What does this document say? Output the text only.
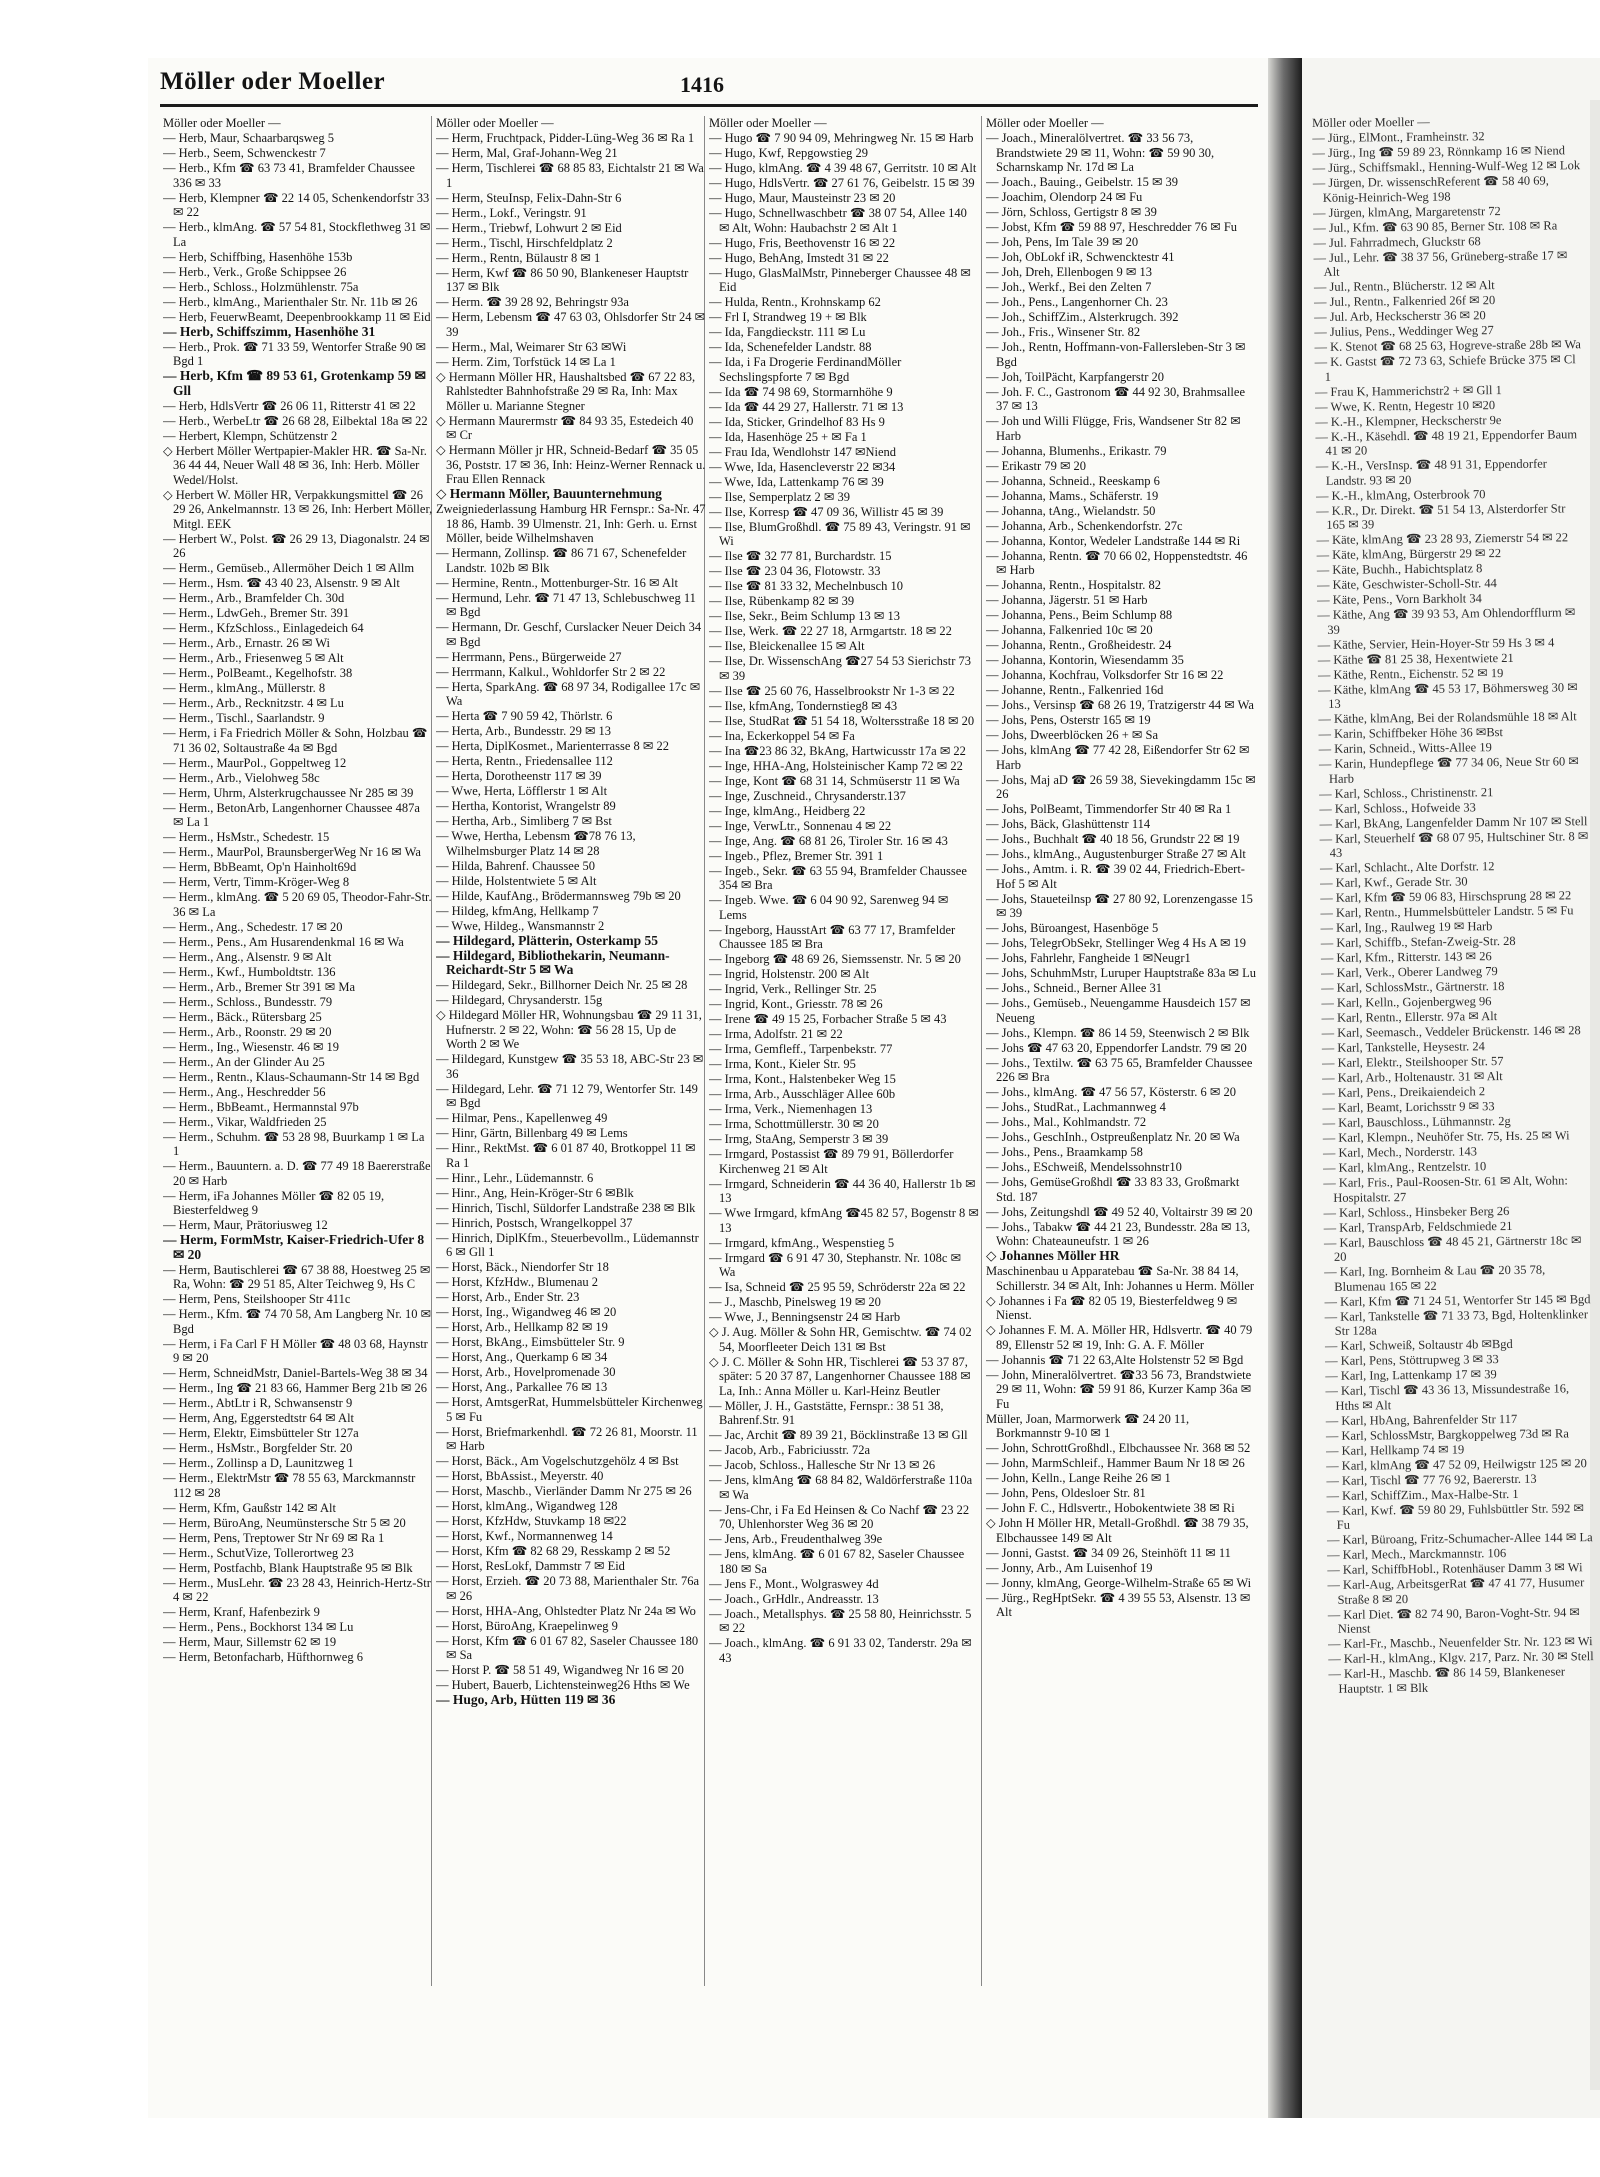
Möller oder Moeller	1416
Möller oder Moeller —
— Herb, Maur, Schaarbarqsweg 5
— Herb., Seem, Schwenckestr 7
— Herb., Kfm ☎ 63 73 41, Bramfelder Chaussee 336 ✉ 33
— Herb, Klempner ☎ 22 14 05, Schenkendorfstr 33 ✉ 22
— Herb., klmAng. ☎ 57 54 81, Stockflethweg 31 ✉ La
— Herb, Schiffbing, Hasenhöhe 153b
— Herb., Verk., Große Schippsee 26
— Herb., Schloss., Holzmühlenstr. 75a
— Herb., klmAng., Marienthaler Str. Nr. 11b ✉ 26
— Herb, FeuerwBeamt, Deepenbrookkamp 11 ✉ Eid
— Herb, Schiffszimm, Hasenhöhe 31
— Herb., Prok. ☎ 71 33 59, Wentorfer Straße 90 ✉ Bgd 1
— Herb, Kfm ☎ 89 53 61, Grotenkamp 59 ✉ Gll
— Herb, HdlsVertr ☎ 26 06 11, Ritterstr 41 ✉ 22
— Herb., WerbeLtr ☎ 26 68 28, Eilbektal 18a ✉ 22
— Herbert, Klempn, Schützenstr 2
◇ Herbert Möller Wertpapier-Makler HR. ☎ Sa-Nr. 36 44 44, Neuer Wall 48 ✉ 36, Inh: Herb. Möller Wedel/Holst.
◇ Herbert W. Möller HR, Verpakkungsmittel ☎ 26 29 26, Ankelmannstr. 13 ✉ 26, Inh: Herbert Möller, Mitgl. EEK
— Herbert W., Polst. ☎ 26 29 13, Diagonalstr. 24 ✉ 26
— Herm., Gemüseb., Allermöher Deich 1 ✉ Allm
— Herm., Hsm. ☎ 43 40 23, Alsenstr. 9 ✉ Alt
— Herm., Arb., Bramfelder Ch. 30d
— Herm., LdwGeh., Bremer Str. 391
— Herm., KfzSchloss., Einlagedeich 64
— Herm., Arb., Ernastr. 26 ✉ Wi
— Herm., Arb., Friesenweg 5 ✉ Alt
— Herm., PolBeamt., Kegelhofstr. 38
— Herm., klmAng., Müllerstr. 8
— Herm., Arb., Recknitzstr. 4 ✉ Lu
— Herm., Tischl., Saarlandstr. 9
— Herm, i Fa Friedrich Möller & Sohn, Holzbau ☎ 71 36 02, Soltaustraße 4a ✉ Bgd
— Herm., MaurPol., Goppeltweg 12
— Herm., Arb., Vielohweg 58c
— Herm, Uhrm, Alsterkrugchaussee Nr 285 ✉ 39
— Herm., BetonArb, Langenhorner Chaussee 487a ✉ La 1
— Herm., HsMstr., Schedestr. 15
— Herm., MaurPol, BraunsbergerWeg Nr 16 ✉ Wa
— Herm, BbBeamt, Op'n Hainholt69d
— Herm, Vertr, Timm-Kröger-Weg 8
— Herm., klmAng. ☎ 5 20 69 05, Theodor-Fahr-Str. 36 ✉ La
— Herm., Ang., Schedestr. 17 ✉ 20
— Herm., Pens., Am Husarendenkmal 16 ✉ Wa
— Herm., Ang., Alsenstr. 9 ✉ Alt
— Herm., Kwf., Humboldtstr. 136
— Herm., Arb., Bremer Str 391 ✉ Ma
— Herm., Schloss., Bundesstr. 79
— Herm., Bäck., Rütersbarg 25
— Herm., Arb., Roonstr. 29 ✉ 20
— Herm., Ing., Wiesenstr. 46 ✉ 19
— Herm., An der Glinder Au 25
— Herm., Rentn., Klaus-Schaumann-Str 14 ✉ Bgd
— Herm., Ang., Heschredder 56
— Herm., BbBeamt., Hermannstal 97b
— Herm., Vikar, Waldfrieden 25
— Herm., Schuhm. ☎ 53 28 98, Buurkamp 1 ✉ La 1
— Herm., Bauuntern. a. D. ☎ 77 49 18 Baererstraße 20 ✉ Harb
— Herm, iFa Johannes Möller ☎ 82 05 19, Biesterfeldweg 9
— Herm, Maur, Prätoriusweg 12
— Herm, FormMstr, Kaiser-Friedrich-Ufer 8 ✉ 20
— Herm, Bautischlerei ☎ 67 38 88, Hoestweg 25 ✉ Ra, Wohn: ☎ 29 51 85, Alter Teichweg 9, Hs C
— Herm, Pens, Steilshooper Str 411c
— Herm., Kfm. ☎ 74 70 58, Am Langberg Nr. 10 ✉ Bgd
— Herm, i Fa Carl F H Möller ☎ 48 03 68, Haynstr 9 ✉ 20
— Herm, SchneidMstr, Daniel-Bartels-Weg 38 ✉ 34
— Herm., Ing ☎ 21 83 66, Hammer Berg 21b ✉ 26
— Herm., AbtLtr i R, Schwansenstr 9
— Herm, Ang, Eggerstedtstr 64 ✉ Alt
— Herm, Elektr, Eimsbütteler Str 127a
— Herm., HsMstr., Borgfelder Str. 20
— Herm., Zollinsp a D, Launitzweg 1
— Herm., ElektrMstr ☎ 78 55 63, Marckmannstr 112 ✉ 28
— Herm, Kfm, Gaußstr 142 ✉ Alt
— Herm, BüroAng, Neumünstersche Str 5 ✉ 20
— Herm, Pens, Treptower Str Nr 69 ✉ Ra 1
— Herm., SchutVize, Tollerortweg 23
— Herm, Postfachb, Blank Hauptstraße 95 ✉ Blk
— Herm., MusLehr. ☎ 23 28 43, Heinrich-Hertz-Str 4 ✉ 22
— Herm, Kranf, Hafenbezirk 9
— Herm., Pens., Bockhorst 134 ✉ Lu
— Herm, Maur, Sillemstr 62 ✉ 19
— Herm, Betonfacharb, Hüfthornweg 6
Möller oder Moeller —
— Herm, Fruchtpack, Pidder-Lüng-Weg 36 ✉ Ra 1
— Herm, Mal, Graf-Johann-Weg 21
— Herm, Tischlerei ☎ 68 85 83, Eichtalstr 21 ✉ Wa 1
— Herm, SteuInsp, Felix-Dahn-Str 6
— Herm., Lokf., Veringstr. 91
— Herm., Triebwf, Lohwurt 2 ✉ Eid
— Herm., Tischl, Hirschfeldplatz 2
— Herm., Rentn, Bülaustr 8 ✉ 1
— Herm, Kwf ☎ 86 50 90, Blankeneser Hauptstr 137 ✉ Blk
— Herm. ☎ 39 28 92, Behringstr 93a
— Herm, Lebensm ☎ 47 63 03, Ohlsdorfer Str 24 ✉ 39
— Herm., Mal, Weimarer Str 63 ✉Wi
— Herm. Zim, Torfstück 14 ✉ La 1
◇ Hermann Möller HR, Haushaltsbed ☎ 67 22 83, Rahlstedter Bahnhofstraße 29 ✉ Ra, Inh: Max Möller u. Marianne Stegner
◇ Hermann Maurermstr ☎ 84 93 35, Estedeich 40 ✉ Cr
◇ Hermann Möller jr HR, Schneid-Bedarf ☎ 35 05 36, Poststr. 17 ✉ 36, Inh: Heinz-Werner Rennack u. Frau Ellen Rennack
◇ Hermann Möller, Bauunternehmung
Zweigniederlassung Hamburg HR Fernspr.: Sa-Nr. 47 18 86, Hamb. 39 Ulmenstr. 21, Inh: Gerh. u. Ernst Möller, beide Wilhelmshaven
— Hermann, Zollinsp. ☎ 86 71 67, Schenefelder Landstr. 102b ✉ Blk
— Hermine, Rentn., Mottenburger-Str. 16 ✉ Alt
— Hermund, Lehr. ☎ 71 47 13, Schlebuschweg 11 ✉ Bgd
— Hermann, Dr. Geschf, Curslacker Neuer Deich 34 ✉ Bgd
— Herrmann, Pens., Bürgerweide 27
— Herrmann, Kalkul., Wohldorfer Str 2 ✉ 22
— Herta, SparkAng. ☎ 68 97 34, Rodigallee 17c ✉ Wa
— Herta ☎ 7 90 59 42, Thörlstr. 6
— Herta, Arb., Bundesstr. 29 ✉ 13
— Herta, DiplKosmet., Marienterrasse 8 ✉ 22
— Herta, Rentn., Friedensallee 112
— Herta, Dorotheenstr 117 ✉ 39
— Wwe, Herta, Löfflerstr 1 ✉ Alt
— Hertha, Kontorist, Wrangelstr 89
— Hertha, Arb., Simliberg 7 ✉ Bst
— Wwe, Hertha, Lebensm ☎78 76 13, Wilhelmsburger Platz 14 ✉ 28
— Hilda, Bahrenf. Chaussee 50
— Hilde, Holstentwiete 5 ✉ Alt
— Hilde, KaufAng., Brödermannsweg 79b ✉ 20
— Hildeg, kfmAng, Hellkamp 7
— Wwe, Hildeg., Wansmannstr 2
— Hildegard, Plätterin, Osterkamp 55
— Hildegard, Bibliothekarin, Neumann-Reichardt-Str 5 ✉ Wa
— Hildegard, Sekr., Billhorner Deich Nr. 25 ✉ 28
— Hildegard, Chrysanderstr. 15g
◇ Hildegard Möller HR, Wohnungsbau ☎ 29 11 31, Hufnerstr. 2 ✉ 22, Wohn: ☎ 56 28 15, Up de Worth 2 ✉ We
— Hildegard, Kunstgew ☎ 35 53 18, ABC-Str 23 ✉ 36
— Hildegard, Lehr. ☎ 71 12 79, Wentorfer Str. 149 ✉ Bgd
— Hilmar, Pens., Kapellenweg 49
— Hinr, Gärtn, Billenbarg 49 ✉ Lems
— Hinr., RektMst. ☎ 6 01 87 40, Brotkoppel 11 ✉ Ra 1
— Hinr., Lehr., Lüdemannstr. 6
— Hinr., Ang, Hein-Kröger-Str 6 ✉Blk
— Hinrich, Tischl, Süldorfer Landstraße 238 ✉ Blk
— Hinrich, Postsch, Wrangelkoppel 37
— Hinrich, DiplKfm., Steuerbevollm., Lüdemannstr 6 ✉ Gll 1
— Horst, Bäck., Niendorfer Str 18
— Horst, KfzHdw., Blumenau 2
— Horst, Arb., Ender Str. 23
— Horst, Ing., Wigandweg 46 ✉ 20
— Horst, Arb., Hellkamp 82 ✉ 19
— Horst, BkAng., Eimsbütteler Str. 9
— Horst, Ang., Querkamp 6 ✉ 34
— Horst, Arb., Hovelpromenade 30
— Horst, Ang., Parkallee 76 ✉ 13
— Horst, AmtsgerRat, Hummelsbütteler Kirchenweg 5 ✉ Fu
— Horst, Briefmarkenhdl. ☎ 72 26 81, Moorstr. 11 ✉ Harb
— Horst, Bäck., Am Vogelschutzgehölz 4 ✉ Bst
— Horst, BbAssist., Meyerstr. 40
— Horst, Maschb., Vierländer Damm Nr 275 ✉ 26
— Horst, klmAng., Wigandweg 128
— Horst, KfzHdw, Stuvkamp 18 ✉22
— Horst, Kwf., Normannenweg 14
— Horst, Kfm ☎ 82 68 29, Resskamp 2 ✉ 52
— Horst, ResLokf, Dammstr 7 ✉ Eid
— Horst, Erzieh. ☎ 20 73 88, Marienthaler Str. 76a ✉ 26
— Horst, HHA-Ang, Ohlstedter Platz Nr 24a ✉ Wo
— Horst, BüroAng, Kraepelinweg 9
— Horst, Kfm ☎ 6 01 67 82, Saseler Chaussee 180 ✉ Sa
— Horst P. ☎ 58 51 49, Wigandweg Nr 16 ✉ 20
— Hubert, Bauerb, Lichtensteinweg26 Hths ✉ We
— Hugo, Arb, Hütten 119 ✉ 36
Möller oder Moeller —
— Hugo ☎ 7 90 94 09, Mehringweg Nr. 15 ✉ Harb
— Hugo, Kwf, Repgowstieg 29
— Hugo, klmAng. ☎ 4 39 48 67, Gerritstr. 10 ✉ Alt
— Hugo, HdlsVertr. ☎ 27 61 76, Geibelstr. 15 ✉ 39
— Hugo, Maur, Mausteinstr 23 ✉ 20
— Hugo, Schnellwaschbetr ☎ 38 07 54, Allee 140 ✉ Alt, Wohn: Haubachstr 2 ✉ Alt 1
— Hugo, Fris, Beethovenstr 16 ✉ 22
— Hugo, BehAng, Imstedt 31 ✉ 22
— Hugo, GlasMalMstr, Pinneberger Chaussee 48 ✉ Eid
— Hulda, Rentn., Krohnskamp 62
— Frl I, Strandweg 19 + ✉ Blk
— Ida, Fangdieckstr. 111 ✉ Lu
— Ida, Schenefelder Landstr. 88
— Ida, i Fa Drogerie FerdinandMöller Sechslingspforte 7 ✉ Bgd
— Ida ☎ 74 98 69, Stormarnhöhe 9
— Ida ☎ 44 29 27, Hallerstr. 71 ✉ 13
— Ida, Sticker, Grindelhof 83 Hs 9
— Ida, Hasenhöge 25 + ✉ Fa 1
— Frau Ida, Wendlohstr 147 ✉Niend
— Wwe, Ida, Hasencleverstr 22 ✉34
— Wwe, Ida, Lattenkamp 76 ✉ 39
— Ilse, Semperplatz 2 ✉ 39
— Ilse, Korresp ☎ 47 09 36, Willistr 45 ✉ 39
— Ilse, BlumGroßhdl. ☎ 75 89 43, Veringstr. 91 ✉ Wi
— Ilse ☎ 32 77 81, Burchardstr. 15
— Ilse ☎ 23 04 36, Flotowstr. 33
— Ilse ☎ 81 33 32, Mechelnbusch 10
— Ilse, Rübenkamp 82 ✉ 39
— Ilse, Sekr., Beim Schlump 13 ✉ 13
— Ilse, Werk. ☎ 22 27 18, Armgartstr. 18 ✉ 22
— Ilse, Bleickenallee 15 ✉ Alt
— Ilse, Dr. WissenschAng ☎27 54 53 Sierichstr 73 ✉ 39
— Ilse ☎ 25 60 76, Hasselbrookstr Nr 1-3 ✉ 22
— Ilse, kfmAng, Tondernstieg8 ✉ 43
— Ilse, StudRat ☎ 51 54 18, Woltersstraße 18 ✉ 20
— Ina, Eckerkoppel 54 ✉ Fa
— Ina ☎23 86 32, BkAng, Hartwicusstr 17a ✉ 22
— Inge, HHA-Ang, Holsteinischer Kamp 72 ✉ 22
— Inge, Kont ☎ 68 31 14, Schmüserstr 11 ✉ Wa
— Inge, Zuschneid., Chrysanderstr.137
— Inge, klmAng., Heidberg 22
— Inge, VerwLtr., Sonnenau 4 ✉ 22
— Inge, Ang. ☎ 68 81 26, Tiroler Str. 16 ✉ 43
— Ingeb., Pflez, Bremer Str. 391 1
— Ingeb., Sekr. ☎ 63 55 94, Bramfelder Chaussee 354 ✉ Bra
— Ingeb. Wwe. ☎ 6 04 90 92, Sarenweg 94 ✉ Lems
— Ingeborg, HausstArt ☎ 63 77 17, Bramfelder Chaussee 185 ✉ Bra
— Ingeborg ☎ 48 69 26, Siemssenstr. Nr. 5 ✉ 20
— Ingrid, Holstenstr. 200 ✉ Alt
— Ingrid, Verk., Rellinger Str. 25
— Ingrid, Kont., Griesstr. 78 ✉ 26
— Irene ☎ 49 15 25, Forbacher Straße 5 ✉ 43
— Irma, Adolfstr. 21 ✉ 22
— Irma, Gemfleff., Tarpenbekstr. 77
— Irma, Kont., Kieler Str. 95
— Irma, Kont., Halstenbeker Weg 15
— Irma, Arb., Ausschläger Allee 60b
— Irma, Verk., Niemenhagen 13
— Irma, Schottmüllerstr. 30 ✉ 20
— Irmg, StaAng, Semperstr 3 ✉ 39
— Irmgard, Postassist ☎ 89 79 91, Böllerdorfer Kirchenweg 21 ✉ Alt
— Irmgard, Schneiderin ☎ 44 36 40, Hallerstr 1b ✉ 13
— Wwe Irmgard, kfmAng ☎45 82 57, Bogenstr 8 ✉ 13
— Irmgard, kfmAng., Wespenstieg 5
— Irmgard ☎ 6 91 47 30, Stephanstr. Nr. 108c ✉ Wa
— Isa, Schneid ☎ 25 95 59, Schröderstr 22a ✉ 22
— J., Maschb, Pinelsweg 19 ✉ 20
— Wwe, J., Benningsenstr 24 ✉ Harb
◇ J. Aug. Möller & Sohn HR, Gemischtw. ☎ 74 02 54, Moorfleeter Deich 131 ✉ Bst
◇ J. C. Möller & Sohn HR, Tischlerei ☎ 53 37 87, später: 5 20 37 87, Langenhorner Chaussee 188 ✉ La, Inh.: Anna Möller u. Karl-Heinz Beutler
— Möller, J. H., Gaststätte, Fernspr.: 38 51 38, Bahrenf.Str. 91
— Jac, Archit ☎ 89 39 21, Böcklinstraße 13 ✉ Gll
— Jacob, Arb., Fabriciusstr. 72a
— Jacob, Schloss., Hallesche Str Nr 13 ✉ 26
— Jens, klmAng ☎ 68 84 82, Waldörferstraße 110a ✉ Wa
— Jens-Chr, i Fa Ed Heinsen & Co Nachf ☎ 23 22 70, Uhlenhorster Weg 36 ✉ 20
— Jens, Arb., Freudenthalweg 39e
— Jens, klmAng. ☎ 6 01 67 82, Saseler Chaussee 180 ✉ Sa
— Jens F., Mont., Wolgraswey 4d
— Joach., GrHdlr., Andreasstr. 13
— Joach., Metallsphys. ☎ 25 58 80, Heinrichsstr. 5 ✉ 22
— Joach., klmAng. ☎ 6 91 33 02, Tanderstr. 29a ✉ 43
Möller oder Moeller —
— Joach., Mineralölvertret. ☎ 33 56 73, Brandstwiete 29 ✉ 11, Wohn: ☎ 59 90 30, Scharnskamp Nr. 17d ✉ La
— Joach., Bauing., Geibelstr. 15 ✉ 39
— Joachim, Olendorp 24 ✉ Fu
— Jörn, Schloss, Gertigstr 8 ✉ 39
— Jobst, Kfm ☎ 59 88 97, Heschredder 76 ✉ Fu
— Joh, Pens, Im Tale 39 ✉ 20
— Joh, ObLokf iR, Schwencktestr 41
— Joh, Dreh, Ellenbogen 9 ✉ 13
— Joh., Werkf., Bei den Zelten 7
— Joh., Pens., Langenhorner Ch. 23
— Joh., SchiffZim., Alsterkrugch. 392
— Joh., Fris., Winsener Str. 82
— Joh., Rentn, Hoffmann-von-Fallersleben-Str 3 ✉ Bgd
— Joh, ToilPächt, Karpfangerstr 20
— Joh. F. C., Gastronom ☎ 44 92 30, Brahmsallee 37 ✉ 13
— Joh und Willi Flügge, Fris, Wandsener Str 82 ✉ Harb
— Johanna, Blumenhs., Erikastr. 79
— Erikastr 79 ✉ 20
— Johanna, Schneid., Reeskamp 6
— Johanna, Mams., Schäferstr. 19
— Johanna, tAng., Wielandstr. 50
— Johanna, Arb., Schenkendorfstr. 27c
— Johanna, Kontor, Wedeler Landstraße 144 ✉ Ri
— Johanna, Rentn. ☎ 70 66 02, Hoppenstedtstr. 46 ✉ Harb
— Johanna, Rentn., Hospitalstr. 82
— Johanna, Jägerstr. 51 ✉ Harb
— Johanna, Pens., Beim Schlump 88
— Johanna, Falkenried 10c ✉ 20
— Johanna, Rentn., Großheidestr. 24
— Johanna, Kontorin, Wiesendamm 35
— Johanna, Kochfrau, Volksdorfer Str 16 ✉ 22
— Johanne, Rentn., Falkenried 16d
— Johs., Versinsp ☎ 68 26 19, Tratzigerstr 44 ✉ Wa
— Johs, Pens, Osterstr 165 ✉ 19
— Johs, Dweerblöcken 26 + ✉ Sa
— Johs, klmAng ☎ 77 42 28, Eißendorfer Str 62 ✉ Harb
— Johs, Maj aD ☎ 26 59 38, Sievekingdamm 15c ✉ 26
— Johs, PolBeamt, Timmendorfer Str 40 ✉ Ra 1
— Johs, Bäck, Glashüttenstr 114
— Johs., Buchhalt ☎ 40 18 56, Grundstr 22 ✉ 19
— Johs., klmAng., Augustenburger Straße 27 ✉ Alt
— Johs., Amtm. i. R. ☎ 39 02 44, Friedrich-Ebert-Hof 5 ✉ Alt
— Johs, Staueteilnsp ☎ 27 80 92, Lorenzengasse 15 ✉ 39
— Johs, Büroangest, Hasenböge 5
— Johs, TelegrObSekr, Stellinger Weg 4 Hs A ✉ 19
— Johs, Fahrlehr, Fangheide 1 ✉Neugr1
— Johs, SchuhmMstr, Luruper Hauptstraße 83a ✉ Lu
— Johs., Schneid., Berner Allee 31
— Johs., Gemüseb., Neuengamme Hausdeich 157 ✉ Neueng
— Johs., Klempn. ☎ 86 14 59, Steenwisch 2 ✉ Blk
— Johs ☎ 47 63 20, Eppendorfer Landstr. 79 ✉ 20
— Johs., Textilw. ☎ 63 75 65, Bramfelder Chaussee 226 ✉ Bra
— Johs., klmAng. ☎ 47 56 57, Kösterstr. 6 ✉ 20
— Johs., StudRat., Lachmannweg 4
— Johs., Mal., Kohlmandstr. 72
— Johs., GeschInh., Ostpreußenplatz Nr. 20 ✉ Wa
— Johs., Pens., Braamkamp 58
— Johs., ESchweiß, Mendelssohnstr10
— Johs, GemüseGroßhdl ☎ 33 83 33, Großmarkt Std. 187
— Johs, Zeitungshdl ☎ 49 52 40, Voltairstr 39 ✉ 20
— Johs., Tabakw ☎ 44 21 23, Bundesstr. 28a ✉ 13, Wohn: Chateauneufstr. 1 ✉ 26
◇ Johannes Möller HR
Maschinenbau u Apparatebau ☎ Sa-Nr. 38 84 14, Schillerstr. 34 ✉ Alt, Inh: Johannes u Herm. Möller
◇ Johannes i Fa ☎ 82 05 19, Biesterfeldweg 9 ✉ Nienst.
◇ Johannes F. M. A. Möller HR, Hdlsvertr. ☎ 40 79 89, Ellenstr 52 ✉ 19, Inh: G. A. F. Möller
— Johannis ☎ 71 22 63,Alte Holstenstr 52 ✉ Bgd
— John, Mineralölvertret. ☎33 56 73, Brandstwiete 29 ✉ 11, Wohn: ☎ 59 91 86, Kurzer Kamp 36a ✉ Fu
Müller, Joan, Marmorwerk ☎ 24 20 11, Borkmannstr 9-10 ✉ 1
— John, SchrottGroßhdl., Elbchaussee Nr. 368 ✉ 52
— John, MarmSchleif., Hammer Baum Nr 18 ✉ 26
— John, Kelln., Lange Reihe 26 ✉ 1
— John, Pens, Oldesloer Str. 81
— John F. C., Hdlsvertr., Hobokentwiete 38 ✉ Ri
◇ John H Möller HR, Metall-Großhdl. ☎ 38 79 35, Elbchaussee 149 ✉ Alt
— Jonni, Gastst. ☎ 34 09 26, Steinhöft 11 ✉ 11
— Jonny, Arb., Am Luisenhof 19
— Jonny, klmAng, George-Wilhelm-Straße 65 ✉ Wi
— Jürg., RegHptSekr. ☎ 4 39 55 53, Alsenstr. 13 ✉ Alt
Möller oder Moeller —
— Jürg., ElMont., Framheinstr. 32
— Jürg., Ing ☎ 59 89 23, Rönnkamp 16 ✉ Niend
— Jürg., Schiffsmakl., Henning-Wulf-Weg 12 ✉ Lok
— Jürgen, Dr. wissenschReferent ☎ 58 40 69, König-Heinrich-Weg 198
— Jürgen, klmAng, Margaretenstr 72
— Jul., Kfm. ☎ 63 90 85, Berner Str. 108 ✉ Ra
— Jul. Fahrradmech, Gluckstr 68
— Jul., Lehr. ☎ 38 37 56, Grüneberg-straße 17 ✉ Alt
— Jul., Rentn., Blücherstr. 12 ✉ Alt
— Jul., Rentn., Falkenried 26f ✉ 20
— Jul. Arb, Heckscherstr 36 ✉ 20
— Julius, Pens., Weddinger Weg 27
— K. Stenot ☎ 68 25 63, Hogreve-straße 28b ✉ Wa
— K. Gastst ☎ 72 73 63, Schiefe Brücke 375 ✉ Cl 1
— Frau K, Hammerichstr2 + ✉ Gll 1
— Wwe, K. Rentn, Hegestr 10 ✉20
— K.-H., Klempner, Heckscherstr 9e
— K.-H., Käsehdl. ☎ 48 19 21, Eppendorfer Baum 41 ✉ 20
— K.-H., VersInsp. ☎ 48 91 31, Eppendorfer Landstr. 93 ✉ 20
— K.-H., klmAng, Osterbrook 70
— K.R., Dr. Direkt. ☎ 51 54 13, Alsterdorfer Str 165 ✉ 39
— Käte, klmAng ☎ 23 28 93, Ziemerstr 54 ✉ 22
— Käte, klmAng, Bürgerstr 29 ✉ 22
— Käte, Buchh., Habichtsplatz 8
— Käte, Geschwister-Scholl-Str. 44
— Käte, Pens., Vorn Barkholt 34
— Käthe, Ang ☎ 39 93 53, Am Ohlendorfflurm ✉ 39
— Käthe, Servier, Hein-Hoyer-Str 59 Hs 3 ✉ 4
— Käthe ☎ 81 25 38, Hexentwiete 21
— Käthe, Rentn., Eichenstr. 52 ✉ 19
— Käthe, klmAng ☎ 45 53 17, Böhmersweg 30 ✉ 13
— Käthe, klmAng, Bei der Rolandsmühle 18 ✉ Alt
— Karin, Schiffbeker Höhe 36 ✉Bst
— Karin, Schneid., Witts-Allee 19
— Karin, Hundepflege ☎ 77 34 06, Neue Str 60 ✉ Harb
— Karl, Schloss., Christinenstr. 21
— Karl, Schloss., Hofweide 33
— Karl, BkAng, Langenfelder Damm Nr 107 ✉ Stell
— Karl, Steuerhelf ☎ 68 07 95, Hultschiner Str. 8 ✉ 43
— Karl, Schlacht., Alte Dorfstr. 12
— Karl, Kwf., Gerade Str. 30
— Karl, Kfm ☎ 59 06 83, Hirschsprung 28 ✉ 22
— Karl, Rentn., Hummelsbütteler Landstr. 5 ✉ Fu
— Karl, Ing., Raulweg 19 ✉ Harb
— Karl, Schiffb., Stefan-Zweig-Str. 28
— Karl, Kfm., Ritterstr. 143 ✉ 26
— Karl, Verk., Oberer Landweg 79
— Karl, SchlossMstr., Gärtnerstr. 18
— Karl, Kelln., Gojenbergweg 96
— Karl, Rentn., Ellerstr. 97a ✉ Alt
— Karl, Seemasch., Veddeler Brückenstr. 146 ✉ 28
— Karl, Tankstelle, Heysestr. 24
— Karl, Elektr., Steilshooper Str. 57
— Karl, Arb., Holtenaustr. 31 ✉ Alt
— Karl, Pens., Dreikaiendeich 2
— Karl, Beamt, Lorichsstr 9 ✉ 33
— Karl, Bauschloss., Lühmannstr. 2g
— Karl, Klempn., Neuhöfer Str. 75, Hs. 25 ✉ Wi
— Karl, Mech., Norderstr. 143
— Karl, klmAng., Rentzelstr. 10
— Karl, Fris., Paul-Roosen-Str. 61 ✉ Alt, Wohn: Hospitalstr. 27
— Karl, Schloss., Hinsbeker Berg 26
— Karl, TranspArb, Feldschmiede 21
— Karl, Bauschloss ☎ 48 45 21, Gärtnerstr 18c ✉ 20
— Karl, Ing. Bornheim & Lau ☎ 20 35 78, Blumenau 165 ✉ 22
— Karl, Kfm ☎ 71 24 51, Wentorfer Str 145 ✉ Bgd
— Karl, Tankstelle ☎ 71 33 73, Bgd, Holtenklinker Str 128a
— Karl, Schweiß, Soltaustr 4b ✉Bgd
— Karl, Pens, Stöttrupweg 3 ✉ 33
— Karl, Ing, Lattenkamp 17 ✉ 39
— Karl, Tischl ☎ 43 36 13, Missundestraße 16, Hths ✉ Alt
— Karl, HbAng, Bahrenfelder Str 117
— Karl, SchlossMstr, Bargkoppelweg 73d ✉ Ra
— Karl, Hellkamp 74 ✉ 19
— Karl, klmAng ☎ 47 52 09, Heilwigstr 125 ✉ 20
— Karl, Tischl ☎ 77 76 92, Baererstr. 13
— Karl, SchiffZim., Max-Halbe-Str. 1
— Karl, Kwf. ☎ 59 80 29, Fuhlsbüttler Str. 592 ✉ Fu
— Karl, Büroang, Fritz-Schumacher-Allee 144 ✉ La
— Karl, Mech., Marckmannstr. 106
— Karl, SchiffbHobl., Rotenhäuser Damm 3 ✉ Wi
— Karl-Aug, ArbeitsgerRat ☎ 47 41 77, Husumer Straße 8 ✉ 20
— Karl Diet. ☎ 82 74 90, Baron-Voght-Str. 94 ✉ Nienst
— Karl-Fr., Maschb., Neuenfelder Str. Nr. 123 ✉ Wi
— Karl-H., klmAng., Klgv. 217, Parz. Nr. 30 ✉ Stell
— Karl-H., Maschb. ☎ 86 14 59, Blankeneser Hauptstr. 1 ✉ Blk
